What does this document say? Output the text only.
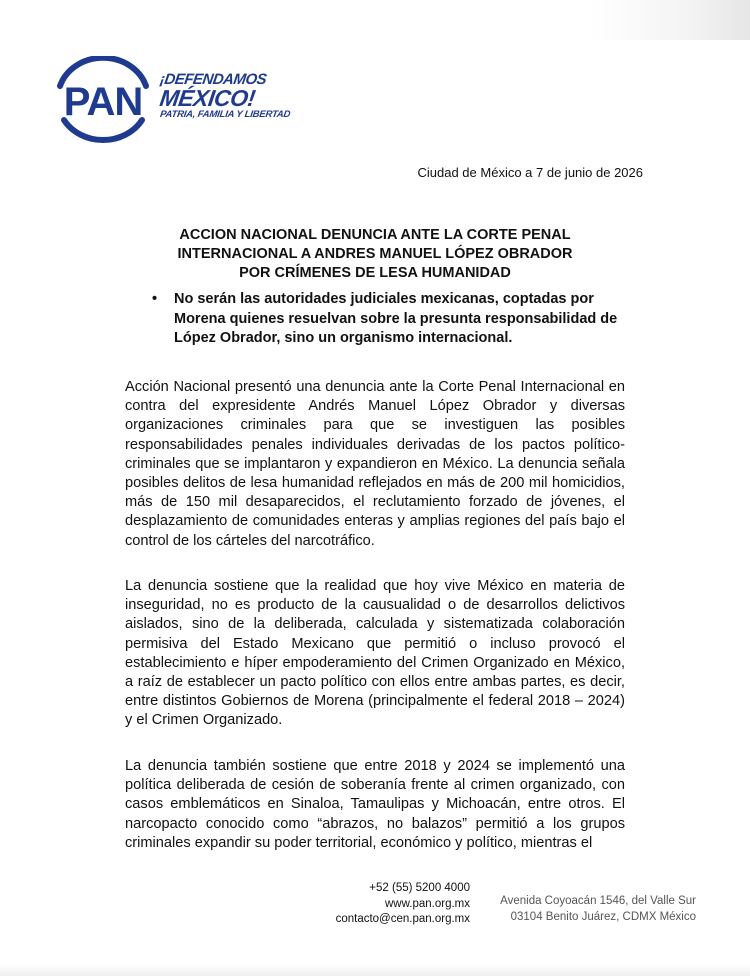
PAN
¡DEFENDAMOS
MÉXICO!
PATRIA, FAMILIA Y LIBERTAD
Ciudad de México a 7 de junio de 2026
ACCION NACIONAL DENUNCIA ANTE LA CORTE PENAL
INTERNACIONAL A ANDRES MANUEL LÓPEZ OBRADOR
POR CRÍMENES DE LESA HUMANIDAD
• No serán las autoridades judiciales mexicanas, coptadas por Morena quienes resuelvan sobre la presunta responsabilidad de López Obrador, sino un organismo internacional.

Acción Nacional presentó una denuncia ante la Corte Penal Internacional en contra del expresidente Andrés Manuel López Obrador y diversas organizaciones criminales para que se investiguen las posibles responsabilidades penales individuales derivadas de los pactos político-criminales que se implantaron y expandieron en México. La denuncia señala posibles delitos de lesa humanidad reflejados en más de 200 mil homicidios, más de 150 mil desaparecidos, el reclutamiento forzado de jóvenes, el desplazamiento de comunidades enteras y amplias regiones del país bajo el control de los cárteles del narcotráfico.

La denuncia sostiene que la realidad que hoy vive México en materia de inseguridad, no es producto de la causualidad o de desarrollos delictivos aislados, sino de la deliberada, calculada y sistematizada colaboración permisiva del Estado Mexicano que permitió o incluso provocó el establecimiento e híper empoderamiento del Crimen Organizado en México, a raíz de establecer un pacto político con ellos entre ambas partes, es decir, entre distintos Gobiernos de Morena (principalmente el federal 2018 – 2024) y el Crimen Organizado.

La denuncia también sostiene que entre 2018 y 2024 se implementó una política deliberada de cesión de soberanía frente al crimen organizado, con casos emblemáticos en Sinaloa, Tamaulipas y Michoacán, entre otros. El narcopacto conocido como “abrazos, no balazos” permitió a los grupos criminales expandir su poder territorial, económico y político, mientras el

+52 (55) 5200 4000
www.pan.org.mx
contacto@cen.pan.org.mx
Avenida Coyoacán 1546, del Valle Sur
03104 Benito Juárez, CDMX México
